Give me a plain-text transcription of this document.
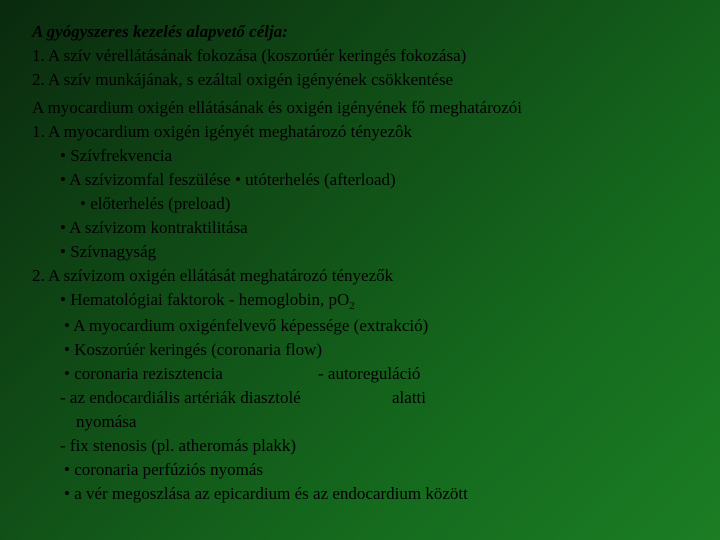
A gyógyszeres kezelés alapvető célja:
1. A szív vérellátásának fokozása (koszorúér keringés fokozása)
2. A szív munkájának, s ezáltal oxigén igényének csökkentése
A myocardium oxigén ellátásának és oxigén igényének fő meghatározói
1. A myocardium oxigén igényét meghatározó tényezôk
• Szívfrekvencia
• A szívizomfal feszülése • utóterhelés (afterload)
• előterhelés (preload)
• A szívizom kontraktilitása
• Szívnagyság
2. A szívizom oxigén ellátását meghatározó tényezők
• Hematológiai faktorok - hemoglobin, $pO_2$
• A myocardium oxigénfelvevő képessége (extrakció)
• Koszorúér keringés (coronaria flow)
• coronaria rezisztencia	- autoreguláció
- az endocardiális artériák diasztolé	alatti
nyomása
- fix stenosis (pl. atheromás plakk)
• coronaria perfúziós nyomás
• a vér megoszlása az epicardium és az endocardium között
